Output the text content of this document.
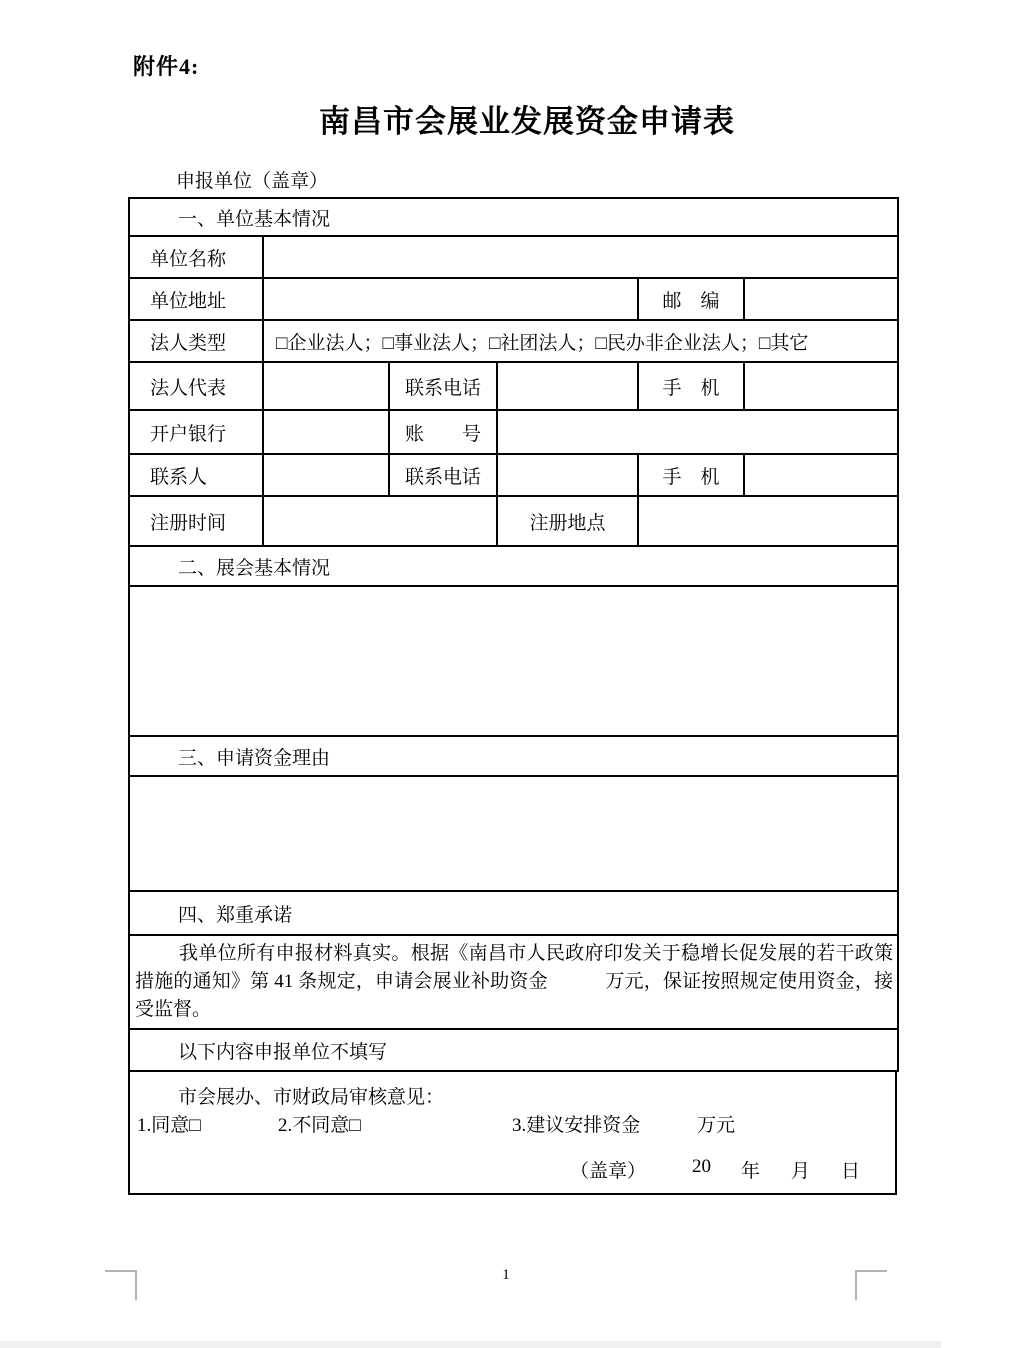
附件4:
南昌市会展业发展资金申请表
申报单位（盖章）
一、单位基本情况					
单位名称					
单位地址				邮　编	
法人类型	□企业法人；□事业法人；□社团法人；□民办非企业法人；□其它				
法人代表		联系电话		手　机	
开户银行		账　　号			
联系人		联系电话		手　机	
注册时间			注册地点		
二、展会基本情况					

三、申请资金理由					

四、郑重承诺					

我单位所有申报材料真实。根据《南昌市人民政府印发关于稳增长促发展的若干政策措施的通知》第 41 条规定，申请会展业补助资金　　　万元，保证按照规定使用资金，接受监督。					

以下内容申报单位不填写					
市会展办、市财政局审核意见：
1.同意□	2.不同意□	3.建议安排资金	万元
（盖章） 20 年 月 日
1
